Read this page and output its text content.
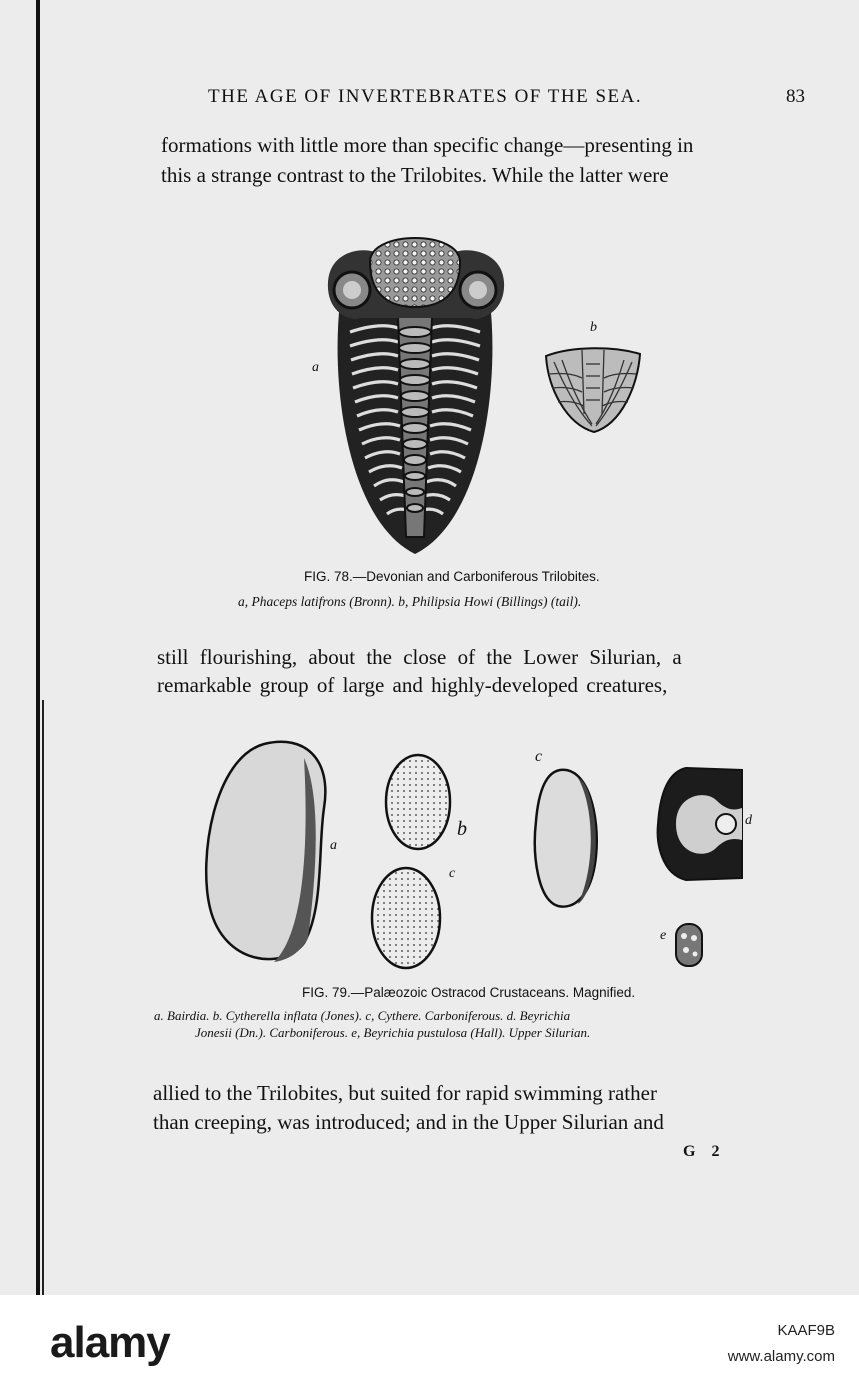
THE AGE OF INVERTEBRATES OF THE SEA.	83
formations with little more than specific change—presenting in
this a strange contrast to the Trilobites. While the latter were
a
b
FIG. 78.—Devonian and Carboniferous Trilobites.
a, Phaceps latifrons (Bronn). b, Philipsia Howi (Billings) (tail).
still flourishing, about the close of the Lower Silurian, a
remarkable group of large and highly-developed creatures,
a
b
c
c
d
e
FIG. 79.—Palæozoic Ostracod Crustaceans. Magnified.
a. Bairdia. b. Cytherella inflata (Jones). c, Cythere. Carboniferous. d. Beyrichia
Jonesii (Dn.). Carboniferous. e, Beyrichia pustulosa (Hall). Upper Silurian.
allied to the Trilobites, but suited for rapid swimming rather
than creeping, was introduced; and in the Upper Silurian and
G 2
alamy	KAAF9B
www.alamy.com
